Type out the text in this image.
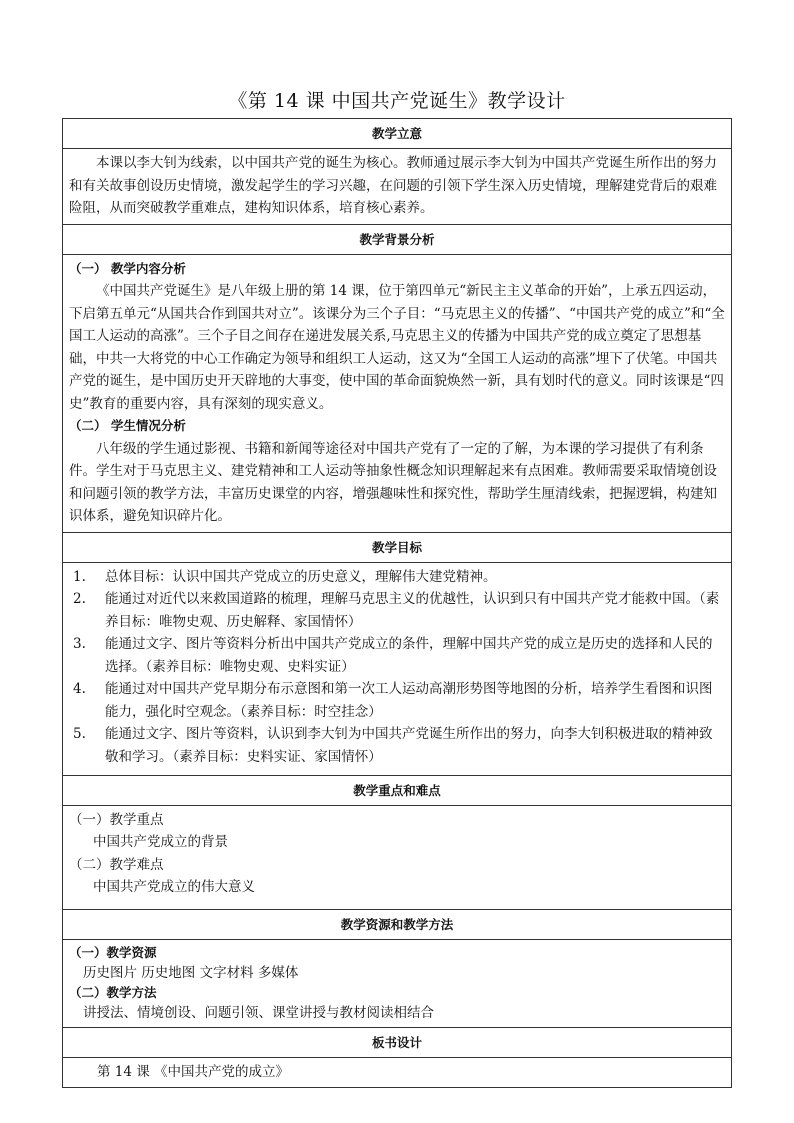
《第 14 课 中国共产党诞生》教学设计
教学立意

本课以李大钊为线索，以中国共产党的诞生为核心。教师通过展示李大钊为中国共产党诞生所作出的努力和有关故事创设历史情境，激发起学生的学习兴趣，在问题的引领下学生深入历史情境，理解建党背后的艰难险阻，从而突破教学重难点，建构知识体系，培育核心素养。

教学背景分析

（一） 教学内容分析
《中国共产党诞生》是八年级上册的第 14 课，位于第四单元“新民主主义革命的开始”，上承五四运动，下启第五单元“从国共合作到国共对立”。该课分为三个子目：“马克思主义的传播”、“中国共产党的成立”和“全国工人运动的高涨”。三个子目之间存在递进发展关系,马克思主义的传播为中国共产党的成立奠定了思想基础，中共一大将党的中心工作确定为领导和组织工人运动，这又为“全国工人运动的高涨”埋下了伏笔。中国共产党的诞生，是中国历史开天辟地的大事变，使中国的革命面貌焕然一新，具有划时代的意义。同时该课是“四史”教育的重要内容，具有深刻的现实意义。
（二） 学生情况分析
八年级的学生通过影视、书籍和新闻等途径对中国共产党有了一定的了解，为本课的学习提供了有利条件。学生对于马克思主义、建党精神和工人运动等抽象性概念知识理解起来有点困难。教师需要采取情境创设和问题引领的教学方法，丰富历史课堂的内容，增强趣味性和探究性，帮助学生厘清线索，把握逻辑，构建知识体系，避免知识碎片化。

教学目标

1.	总体目标：认识中国共产党成立的历史意义，理解伟大建党精神。
2.	能通过对近代以来救国道路的梳理，理解马克思主义的优越性，认识到只有中国共产党才能救中国。（素养目标：唯物史观、历史解释、家国情怀）
3.	能通过文字、图片等资料分析出中国共产党成立的条件，理解中国共产党的成立是历史的选择和人民的选择。（素养目标：唯物史观、史料实证）
4.	能通过对中国共产党早期分布示意图和第一次工人运动高潮形势图等地图的分析，培养学生看图和识图能力，强化时空观念。（素养目标：时空挂念）
5.	能通过文字、图片等资料，认识到李大钊为中国共产党诞生所作出的努力，向李大钊积极进取的精神致敬和学习。（素养目标：史料实证、家国情怀）

教学重点和难点

（一）教学重点
中国共产党成立的背景
（二）教学难点
中国共产党成立的伟大意义

教学资源和教学方法

（一）教学资源
历史图片 历史地图 文字材料 多媒体
（二）教学方法
讲授法、情境创设、问题引领、课堂讲授与教材阅读相结合

板书设计

第 14 课 《中国共产党的成立》
